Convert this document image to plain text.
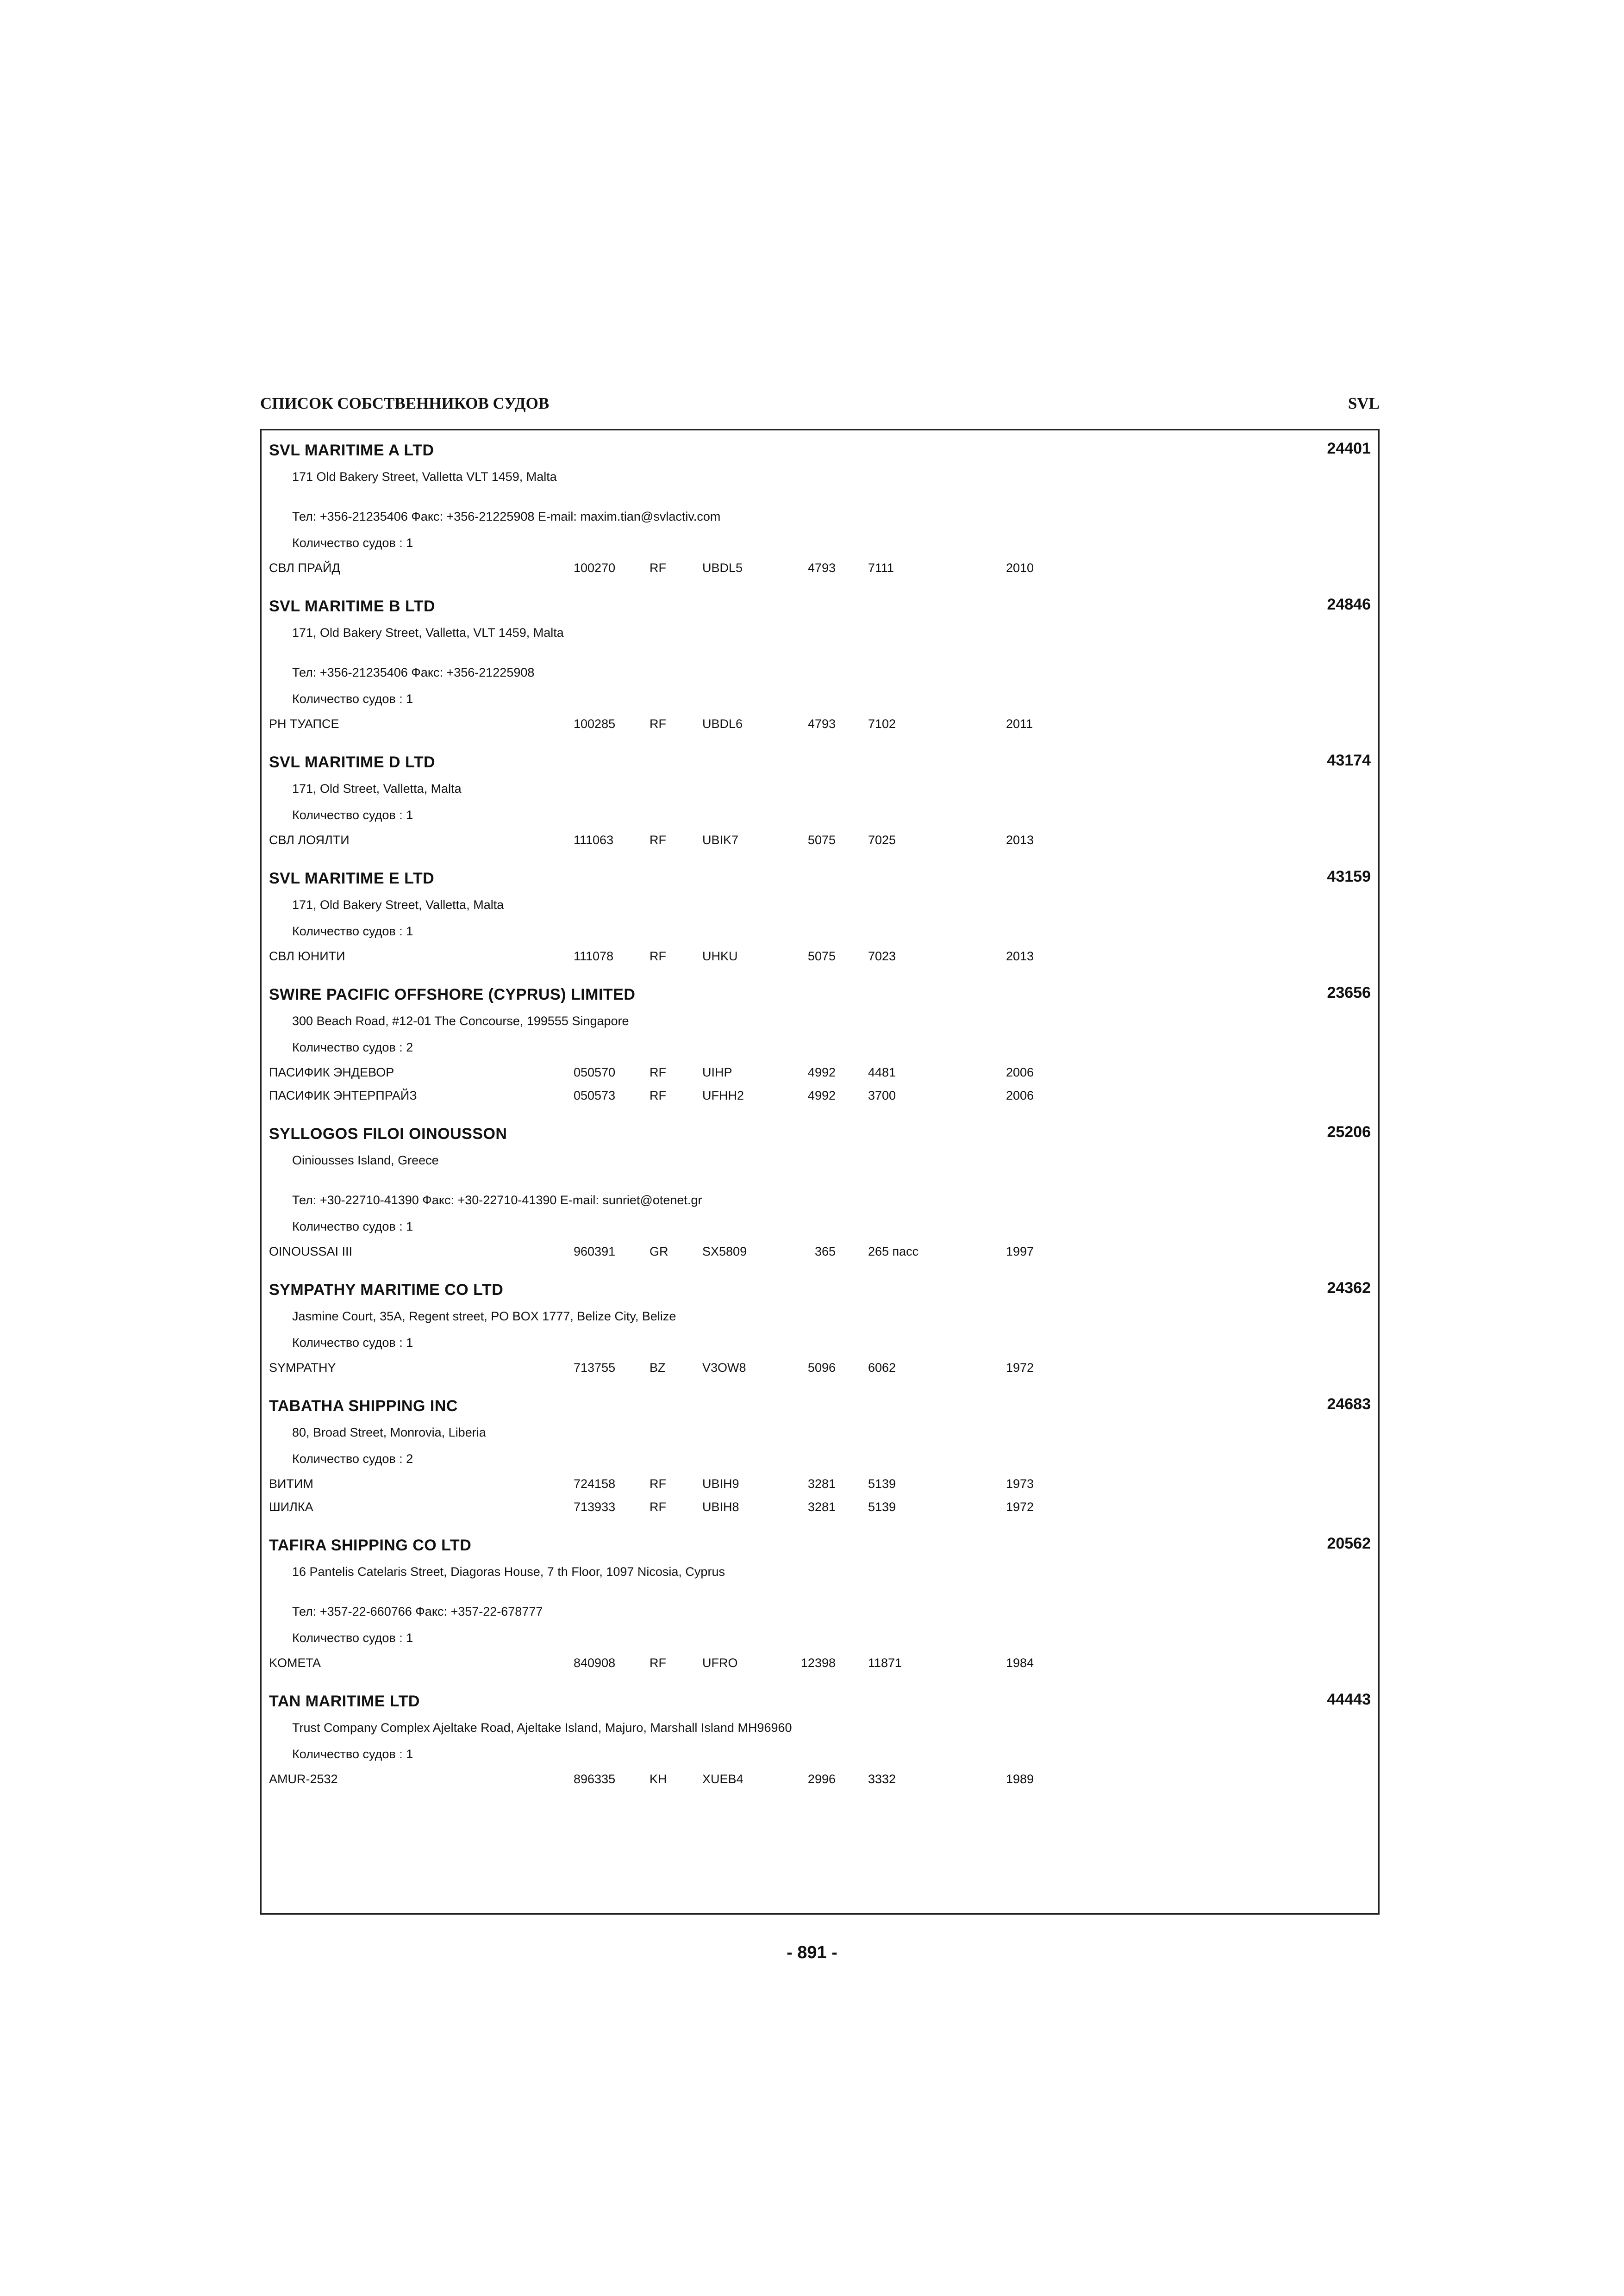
СПИСОК СОБСТВЕННИКОВ СУДОВ	SVL
SVL MARITIME A LTD	24401
171 Old Bakery Street, Valletta VLT 1459, Malta
Тел: +356-21235406 Факс: +356-21225908 E-mail: maxim.tian@svlactiv.com
Количество судов : 1
СВЛ ПРАЙД	100270	RF	UBDL5	4793	7111	2010
SVL MARITIME B LTD	24846
171, Old Bakery Street, Valletta, VLT 1459, Malta
Тел: +356-21235406 Факс: +356-21225908
Количество судов : 1
РН ТУАПСЕ	100285	RF	UBDL6	4793	7102	2011
SVL MARITIME D LTD	43174
171, Old Street, Valletta, Malta
Количество судов : 1
СВЛ ЛОЯЛТИ	111063	RF	UBIK7	5075	7025	2013
SVL MARITIME E LTD	43159
171, Old Bakery Street, Valletta, Malta
Количество судов : 1
СВЛ ЮНИТИ	111078	RF	UHKU	5075	7023	2013
SWIRE PACIFIC OFFSHORE (CYPRUS) LIMITED	23656
300 Beach Road, #12-01 The Concourse, 199555 Singapore
Количество судов : 2
ПАСИФИК ЭНДЕВОР	050570	RF	UIHP	4992	4481	2006
ПАСИФИК ЭНТЕРПРАЙЗ	050573	RF	UFHH2	4992	3700	2006
SYLLOGOS FILOI OINOUSSON	25206
Oiniousses Island, Greece
Тел: +30-22710-41390 Факс: +30-22710-41390 E-mail: sunriet@otenet.gr
Количество судов : 1
OINOUSSAI III	960391	GR	SX5809	365	265 пасс	1997
SYMPATHY MARITIME CO LTD	24362
Jasmine Court, 35A, Regent street, PO BOX 1777, Belize City, Belize
Количество судов : 1
SYMPATHY	713755	BZ	V3OW8	5096	6062	1972
TABATHA SHIPPING INC	24683
80, Broad Street, Monrovia, Liberia
Количество судов : 2
ВИТИМ	724158	RF	UBIH9	3281	5139	1973
ШИЛКА	713933	RF	UBIH8	3281	5139	1972
TAFIRA SHIPPING CO LTD	20562
16 Pantelis Catelaris Street, Diagoras House, 7 th Floor, 1097 Nicosia, Cyprus
Тел: +357-22-660766 Факс: +357-22-678777
Количество судов : 1
KOMETA	840908	RF	UFRO	12398	11871	1984
TAN MARITIME LTD	44443
Trust Company Complex Ajeltake Road, Ajeltake Island, Majuro, Marshall Island MH96960
Количество судов : 1
AMUR-2532	896335	KH	XUEB4	2996	3332	1989
- 891 -
